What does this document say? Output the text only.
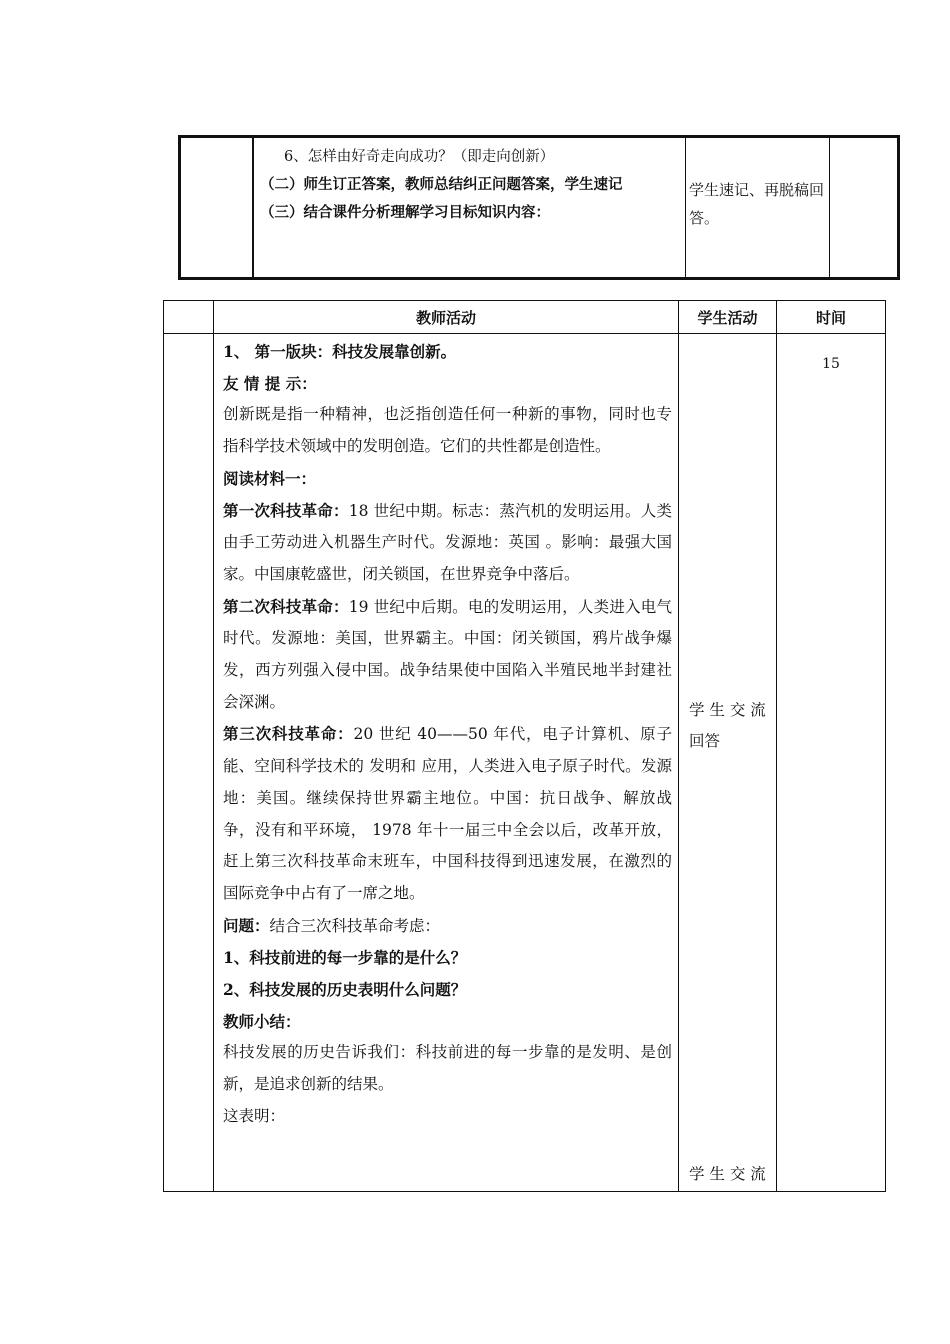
6、怎样由好奇走向成功？（即走向创新）
（二）师生订正答案，教师总结纠正问题答案，学生速记
（三）结合课件分析理解学习目标知识内容：
学生速记、再脱稿回答。
教师活动	学生活动	时间
1、 第一版块：科技发展靠创新。
友 情 提 示：
创新既是指一种精神，也泛指创造任何一种新的事物，同时也专指科学技术领域中的发明创造。它们的共性都是创造性。
阅读材料一：
第一次科技革命：18 世纪中期。标志：蒸汽机的发明运用。人类由手工劳动进入机器生产时代。发源地：英国 。影响：最强大国家。中国康乾盛世，闭关锁国，在世界竞争中落后。
第二次科技革命：19 世纪中后期。电的发明运用，人类进入电气时代。发源地：美国，世界霸主。中国：闭关锁国，鸦片战争爆发，西方列强入侵中国。战争结果使中国陷入半殖民地半封建社会深渊。
第三次科技革命：20 世纪 40——50 年代，电子计算机、原子能、空间科学技术的 发明和 应用，人类进入电子原子时代。发源地：美国。继续保持世界霸主地位。中国：抗日战争、解放战争，没有和平环境， 1978 年十一届三中全会以后，改革开放，赶上第三次科技革命末班车，中国科技得到迅速发展，在激烈的国际竞争中占有了一席之地。
问题：结合三次科技革命考虑：
1、科技前进的每一步靠的是什么？
2、科技发展的历史表明什么问题？
教师小结：
科技发展的历史告诉我们：科技前进的每一步靠的是发明、是创新，是追求创新的结果。
这表明：
学 生 交 流 回答
学 生 交 流
15
